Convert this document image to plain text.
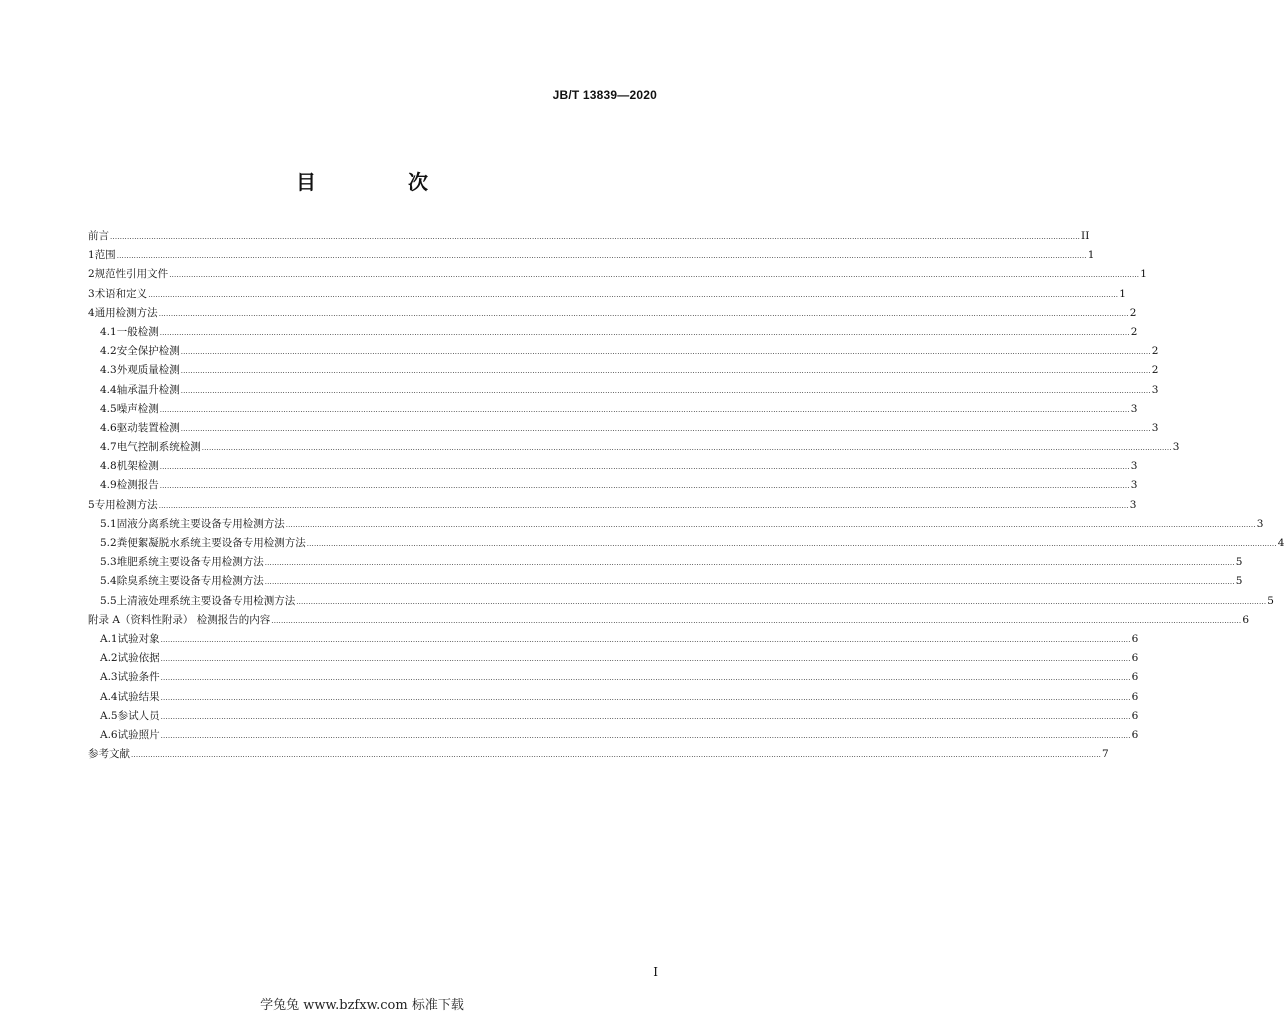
JB/T 13839—2020
目　次
前言 ................................................................................................................................................................................................................................................................................................................................................................................................................ II
1 范围 ................................................................................................................................................................................................................................................................................................................................................................................................................ 1
2 规范性引用文件 ................................................................................................................................................................................................................................................................................................................................................................................................................ 1
3 术语和定义 ................................................................................................................................................................................................................................................................................................................................................................................................................ 1
4 通用检测方法 ................................................................................................................................................................................................................................................................................................................................................................................................................ 2
4.1 一般检测 ................................................................................................................................................................................................................................................................................................................................................................................................................ 2
4.2 安全保护检测 ................................................................................................................................................................................................................................................................................................................................................................................................................ 2
4.3 外观质量检测 ................................................................................................................................................................................................................................................................................................................................................................................................................ 2
4.4 轴承温升检测 ................................................................................................................................................................................................................................................................................................................................................................................................................ 3
4.5 噪声检测 ................................................................................................................................................................................................................................................................................................................................................................................................................ 3
4.6 驱动装置检测 ................................................................................................................................................................................................................................................................................................................................................................................................................ 3
4.7 电气控制系统检测 ................................................................................................................................................................................................................................................................................................................................................................................................................ 3
4.8 机架检测 ................................................................................................................................................................................................................................................................................................................................................................................................................ 3
4.9 检测报告 ................................................................................................................................................................................................................................................................................................................................................................................................................ 3
5 专用检测方法 ................................................................................................................................................................................................................................................................................................................................................................................................................ 3
5.1 固液分离系统主要设备专用检测方法 ................................................................................................................................................................................................................................................................................................................................................................................................................ 3
5.2 粪便絮凝脱水系统主要设备专用检测方法 ................................................................................................................................................................................................................................................................................................................................................................................................................ 4
5.3 堆肥系统主要设备专用检测方法 ................................................................................................................................................................................................................................................................................................................................................................................................................ 5
5.4 除臭系统主要设备专用检测方法 ................................................................................................................................................................................................................................................................................................................................................................................................................ 5
5.5 上清液处理系统主要设备专用检测方法 ................................................................................................................................................................................................................................................................................................................................................................................................................ 5
附录 A（资料性附录） 检测报告的内容 ................................................................................................................................................................................................................................................................................................................................................................................................................ 6
A.1 试验对象 ................................................................................................................................................................................................................................................................................................................................................................................................................ 6
A.2 试验依据 ................................................................................................................................................................................................................................................................................................................................................................................................................ 6
A.3 试验条件 ................................................................................................................................................................................................................................................................................................................................................................................................................ 6
A.4 试验结果 ................................................................................................................................................................................................................................................................................................................................................................................................................ 6
A.5 参试人员 ................................................................................................................................................................................................................................................................................................................................................................................................................ 6
A.6 试验照片 ................................................................................................................................................................................................................................................................................................................................................................................................................ 6
参考文献 ................................................................................................................................................................................................................................................................................................................................................................................................................ 7
I
学兔兔 www.bzfxw.com 标准下载
